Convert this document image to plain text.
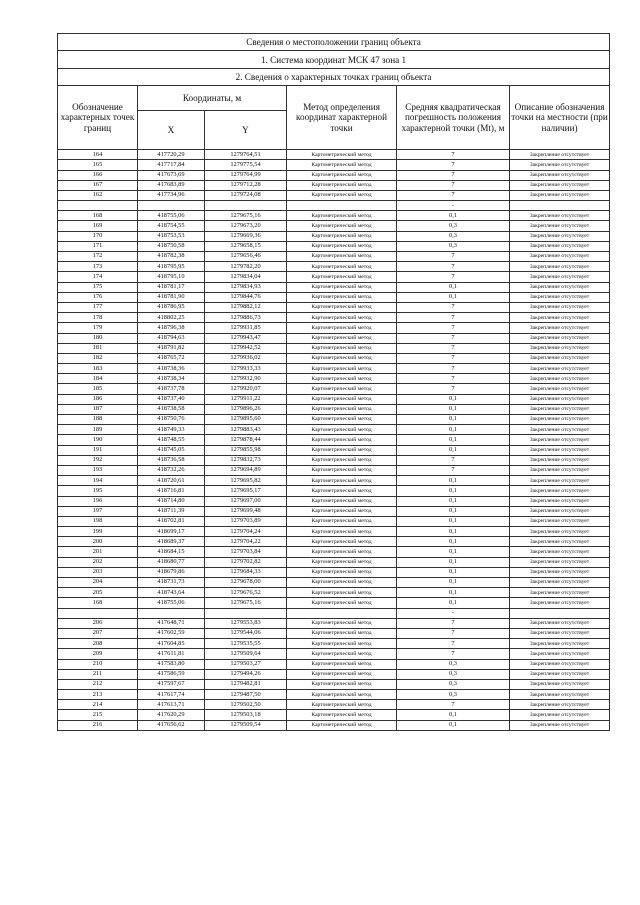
Сведения о местоположении границ объекта					
1. Система координат МСК 47 зона 1					
2. Сведения о характерных точках границ объекта					
Обозначение характерных точек границ	Координаты, м		Метод определения координат характерной точки	Средняя квадратическая погрешность положения характерной точки (Mt), м	Описание обозначения точки на местности (при наличии)
	X	Y			
164	417720,29	1279764,51	Картометрический метод	7	Закрепление отсутствует
165	417717,84	1279775,54	Картометрический метод	7	Закрепление отсутствует
166	417673,69	1279764,99	Картометрический метод	7	Закрепление отсутствует
167	417683,89	1279712,28	Картометрический метод	7	Закрепление отсутствует
162	417734,96	1279724,08	Картометрический метод	7	Закрепление отсутствует
				-	
168	418755,06	1279675,16	Картометрический метод	0,1	Закрепление отсутствует
169	418754,55	1279673,20	Картометрический метод	0,3	Закрепление отсутствует
170	418753,53	1279669,36	Картометрический метод	0,3	Закрепление отсутствует
171	418750,58	1279658,15	Картометрический метод	0,3	Закрепление отсутствует
172	418782,38	1279656,46	Картометрический метод	7	Закрепление отсутствует
173	418795,95	1279782,20	Картометрический метод	7	Закрепление отсутствует
174	418795,10	1279834,04	Картометрический метод	7	Закрепление отсутствует
175	418781,17	1279834,93	Картометрический метод	0,1	Закрепление отсутствует
176	418781,90	1279844,76	Картометрический метод	0,1	Закрепление отсутствует
177	418786,95	1279882,12	Картометрический метод	7	Закрепление отсутствует
178	418802,25	1279886,73	Картометрический метод	7	Закрепление отсутствует
179	418796,38	1279931,85	Картометрический метод	7	Закрепление отсутствует
180	418794,63	1279943,47	Картометрический метод	7	Закрепление отсутствует
181	418791,82	1279942,52	Картометрический метод	7	Закрепление отсутствует
182	418765,72	1279936,02	Картометрический метод	7	Закрепление отсутствует
183	418738,36	1279933,33	Картометрический метод	7	Закрепление отсутствует
184	418738,34	1279932,90	Картометрический метод	7	Закрепление отсутствует
185	418737,78	1279920,07	Картометрический метод	7	Закрепление отсутствует
186	418737,40	1279911,22	Картометрический метод	0,1	Закрепление отсутствует
187	418738,58	1279896,26	Картометрический метод	0,1	Закрепление отсутствует
188	418750,76	1279895,60	Картометрический метод	0,1	Закрепление отсутствует
189	418749,33	1279883,43	Картометрический метод	0,1	Закрепление отсутствует
190	418748,55	1279878,44	Картометрический метод	0,1	Закрепление отсутствует
191	418745,05	1279855,98	Картометрический метод	0,1	Закрепление отсутствует
192	418736,58	1279832,73	Картометрический метод	7	Закрепление отсутствует
193	418732,26	1279694,89	Картометрический метод	7	Закрепление отсутствует
194	418720,61	1279695,82	Картометрический метод	0,1	Закрепление отсутствует
195	418716,81	1279695,17	Картометрический метод	0,1	Закрепление отсутствует
196	418714,80	1279697,00	Картометрический метод	0,1	Закрепление отсутствует
197	418711,39	1279699,48	Картометрический метод	0,1	Закрепление отсутствует
198	418702,81	1279703,89	Картометрический метод	0,1	Закрепление отсутствует
199	418699,17	1279704,24	Картометрический метод	0,1	Закрепление отсутствует
200	418689,37	1279704,22	Картометрический метод	0,1	Закрепление отсутствует
201	418684,15	1279703,84	Картометрический метод	0,1	Закрепление отсутствует
202	418680,77	1279702,82	Картометрический метод	0,1	Закрепление отсутствует
203	418679,86	1279684,33	Картометрический метод	0,1	Закрепление отсутствует
204	418731,73	1279678,00	Картометрический метод	0,1	Закрепление отсутствует
205	418743,64	1279676,52	Картометрический метод	0,1	Закрепление отсутствует
168	418755,06	1279675,16	Картометрический метод	0,1	Закрепление отсутствует
				-	
206	417648,71	1279553,83	Картометрический метод	7	Закрепление отсутствует
207	417602,59	1279544,06	Картометрический метод	7	Закрепление отсутствует
208	417604,85	1279535,55	Картометрический метод	7	Закрепление отсутствует
209	417611,81	1279509,64	Картометрический метод	7	Закрепление отсутствует
210	417583,80	1279503,27	Картометрический метод	0,3	Закрепление отсутствует
211	417586,59	1279494,26	Картометрический метод	0,3	Закрепление отсутствует
212	417597,67	1279482,81	Картометрический метод	0,3	Закрепление отсутствует
213	417617,74	1279487,50	Картометрический метод	0,3	Закрепление отсутствует
214	417613,71	1279502,50	Картометрический метод	7	Закрепление отсутствует
215	417620,29	1279503,18	Картометрический метод	0,1	Закрепление отсутствует
216	417656,62	1279509,54	Картометрический метод	0,1	Закрепление отсутствует
